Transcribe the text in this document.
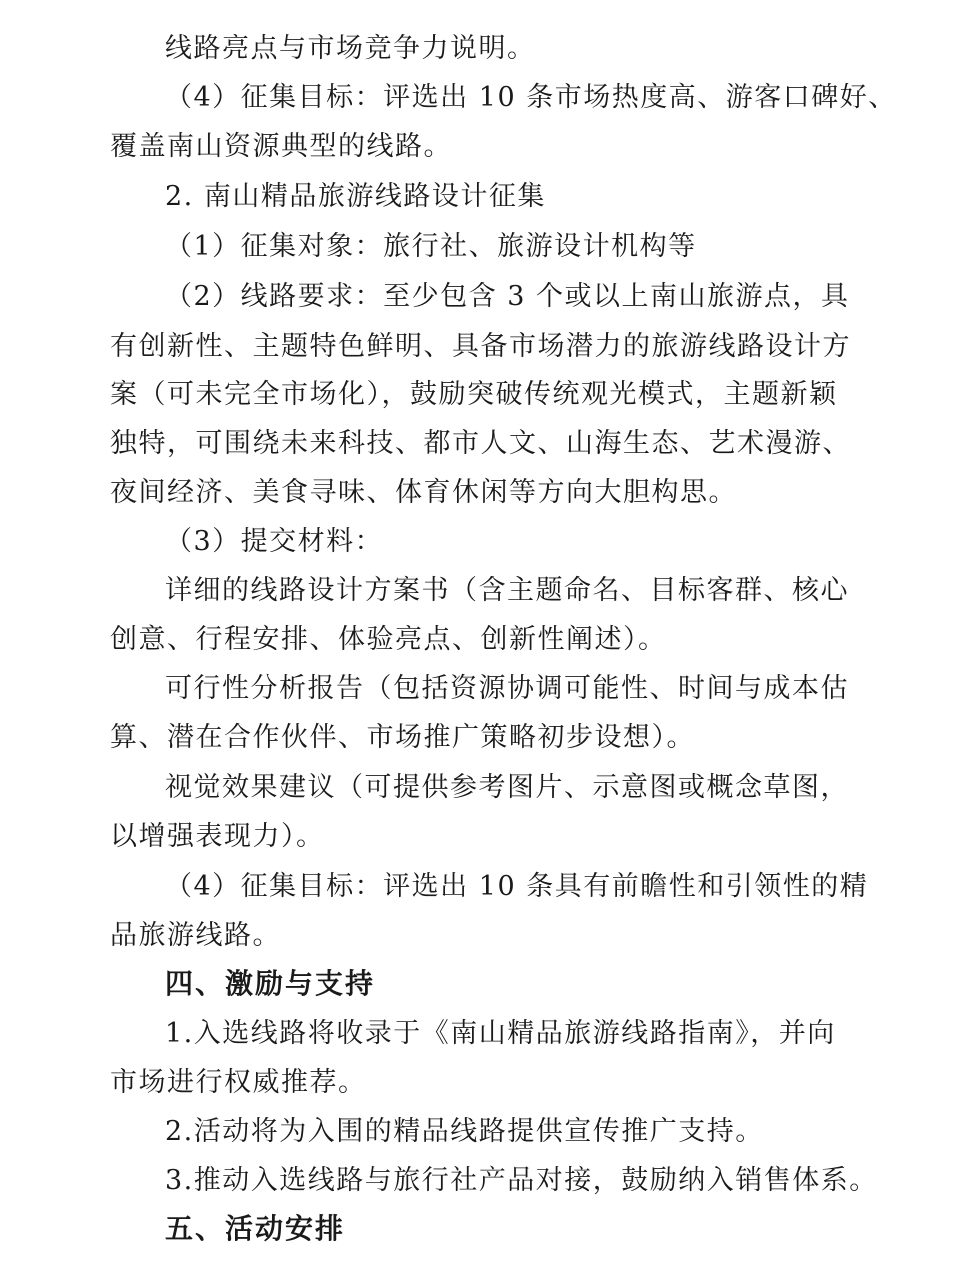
线路亮点与市场竞争力说明。
（4）征集目标：评选出 10 条市场热度高、游客口碑好、
覆盖南山资源典型的线路。
2. 南山精品旅游线路设计征集
（1）征集对象：旅行社、旅游设计机构等
（2）线路要求：至少包含 3 个或以上南山旅游点，具
有创新性、主题特色鲜明、具备市场潜力的旅游线路设计方
案（可未完全市场化），鼓励突破传统观光模式，主题新颖
独特，可围绕未来科技、都市人文、山海生态、艺术漫游、
夜间经济、美食寻味、体育休闲等方向大胆构思。
（3）提交材料：
详细的线路设计方案书（含主题命名、目标客群、核心
创意、行程安排、体验亮点、创新性阐述）。
可行性分析报告（包括资源协调可能性、时间与成本估
算、潜在合作伙伴、市场推广策略初步设想）。
视觉效果建议（可提供参考图片、示意图或概念草图，
以增强表现力）。
（4）征集目标：评选出 10 条具有前瞻性和引领性的精
品旅游线路。
四、激励与支持
1.入选线路将收录于《南山精品旅游线路指南》，并向
市场进行权威推荐。
2.活动将为入围的精品线路提供宣传推广支持。
3.推动入选线路与旅行社产品对接，鼓励纳入销售体系。
五、活动安排
